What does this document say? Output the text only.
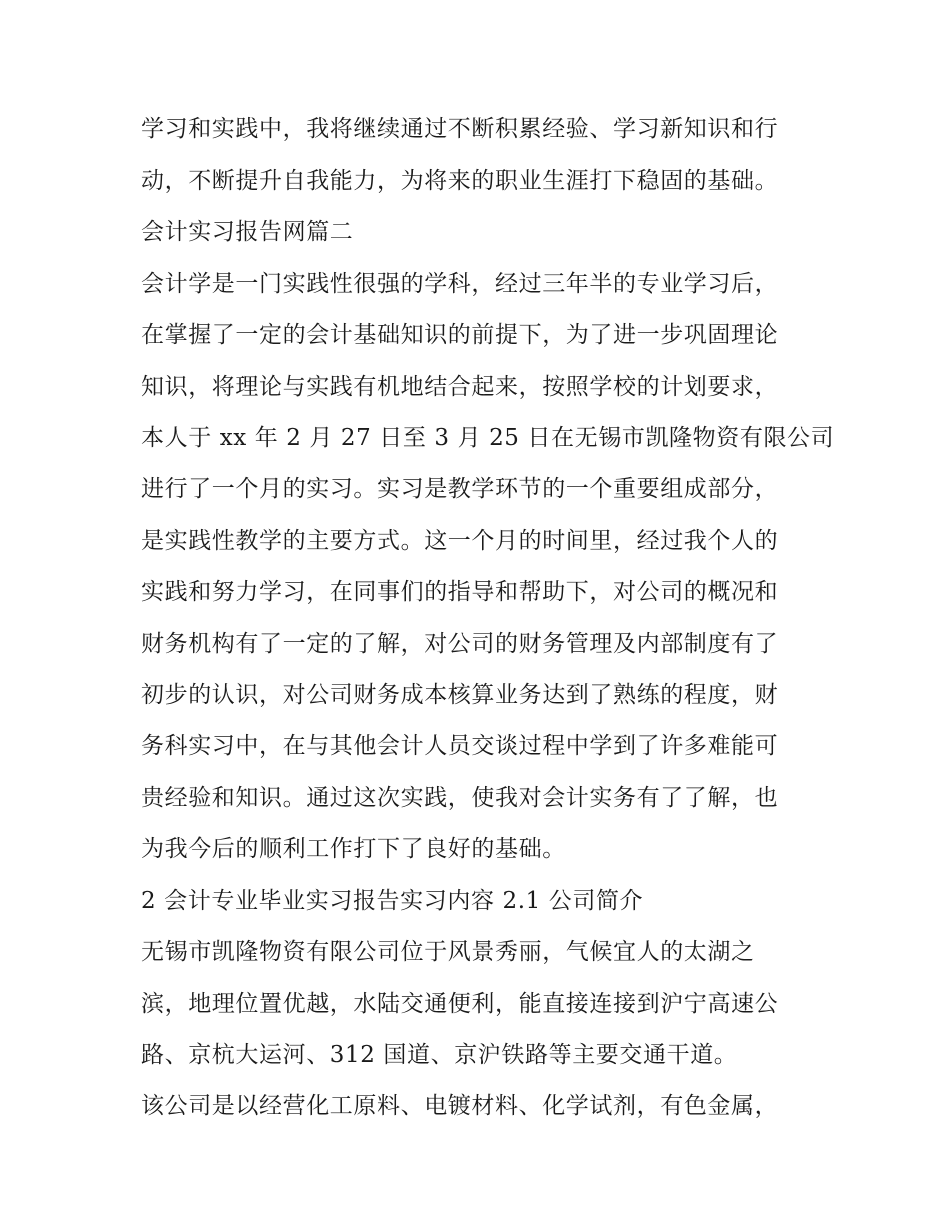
学习和实践中，我将继续通过不断积累经验、学习新知识和行
动，不断提升自我能力，为将来的职业生涯打下稳固的基础。
会计实习报告网篇二
会计学是一门实践性很强的学科，经过三年半的专业学习后，
在掌握了一定的会计基础知识的前提下，为了进一步巩固理论
知识，将理论与实践有机地结合起来，按照学校的计划要求，
本人于 xx 年 2 月 27 日至 3 月 25 日在无锡市凯隆物资有限公司
进行了一个月的实习。实习是教学环节的一个重要组成部分，
是实践性教学的主要方式。这一个月的时间里，经过我个人的
实践和努力学习，在同事们的指导和帮助下，对公司的概况和
财务机构有了一定的了解，对公司的财务管理及内部制度有了
初步的认识，对公司财务成本核算业务达到了熟练的程度，财
务科实习中，在与其他会计人员交谈过程中学到了许多难能可
贵经验和知识。通过这次实践，使我对会计实务有了了解，也
为我今后的顺利工作打下了良好的基础。
2 会计专业毕业实习报告实习内容 2.1 公司简介
无锡市凯隆物资有限公司位于风景秀丽，气候宜人的太湖之
滨，地理位置优越，水陆交通便利，能直接连接到沪宁高速公
路、京杭大运河、312 国道、京沪铁路等主要交通干道。
该公司是以经营化工原料、电镀材料、化学试剂，有色金属，
